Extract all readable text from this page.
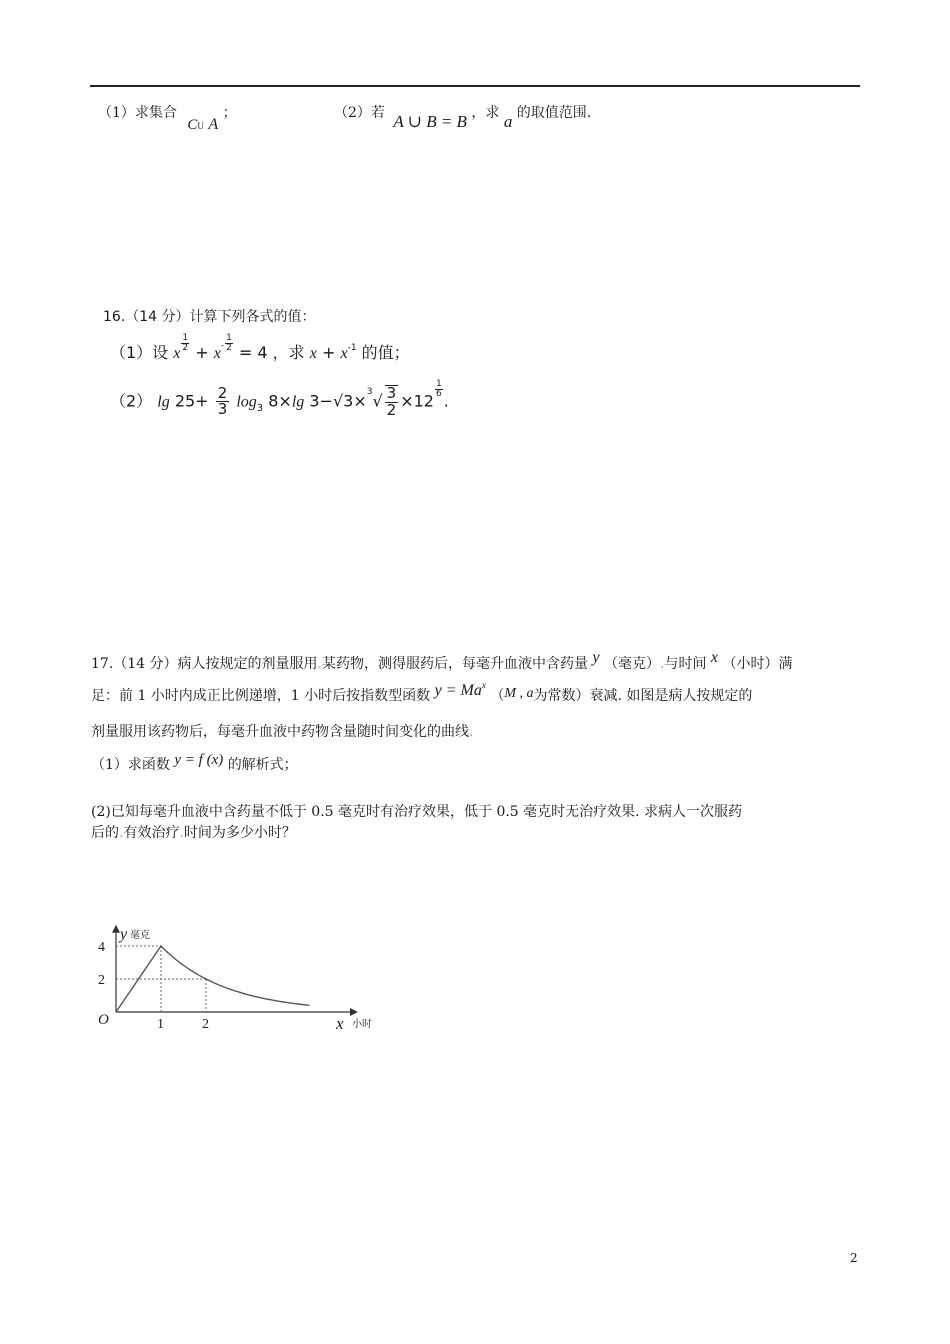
（1）求集合 CU A ；	（2）若 A ∪ B = B ，求 a 的取值范围.
16.（14 分）计算下列各式的值：
（1）设 x
$\frac{1}{2} + x^- \frac{1}{2} = 4$ ，求 $x + x^{-1}$ 的值；
（2） $\lg 25+ \frac{2}{3} \log_3 8\times\lg$ $3-√3\times^3√ \frac{3}{2} \times 12$
$\frac{1}{6}$
.
17.（14 分）病人按规定的剂量服用.某药物，测得服药后，每毫升血液中含药量 y （毫克）.与时间 x （小时）满
足：前 1 小时内成正比例递增，1 小时后按指数型函数 $y = Ma^x$ （M , a为常数）衰减. 如图是病人按规定的
剂量服用该药物后，每毫升血液中药物含量随时间变化的曲线.
（1）求函数 y = f (x) 的解析式；
(2)已知每毫升血液中含药量不低于 0.5 毫克时有治疗效果，低于 0.5 毫克时无治疗效果. 求病人一次服药
后的.有效治疗.时间为多少小时？
O	1	2
2
4
x 小时
y 毫克
2
